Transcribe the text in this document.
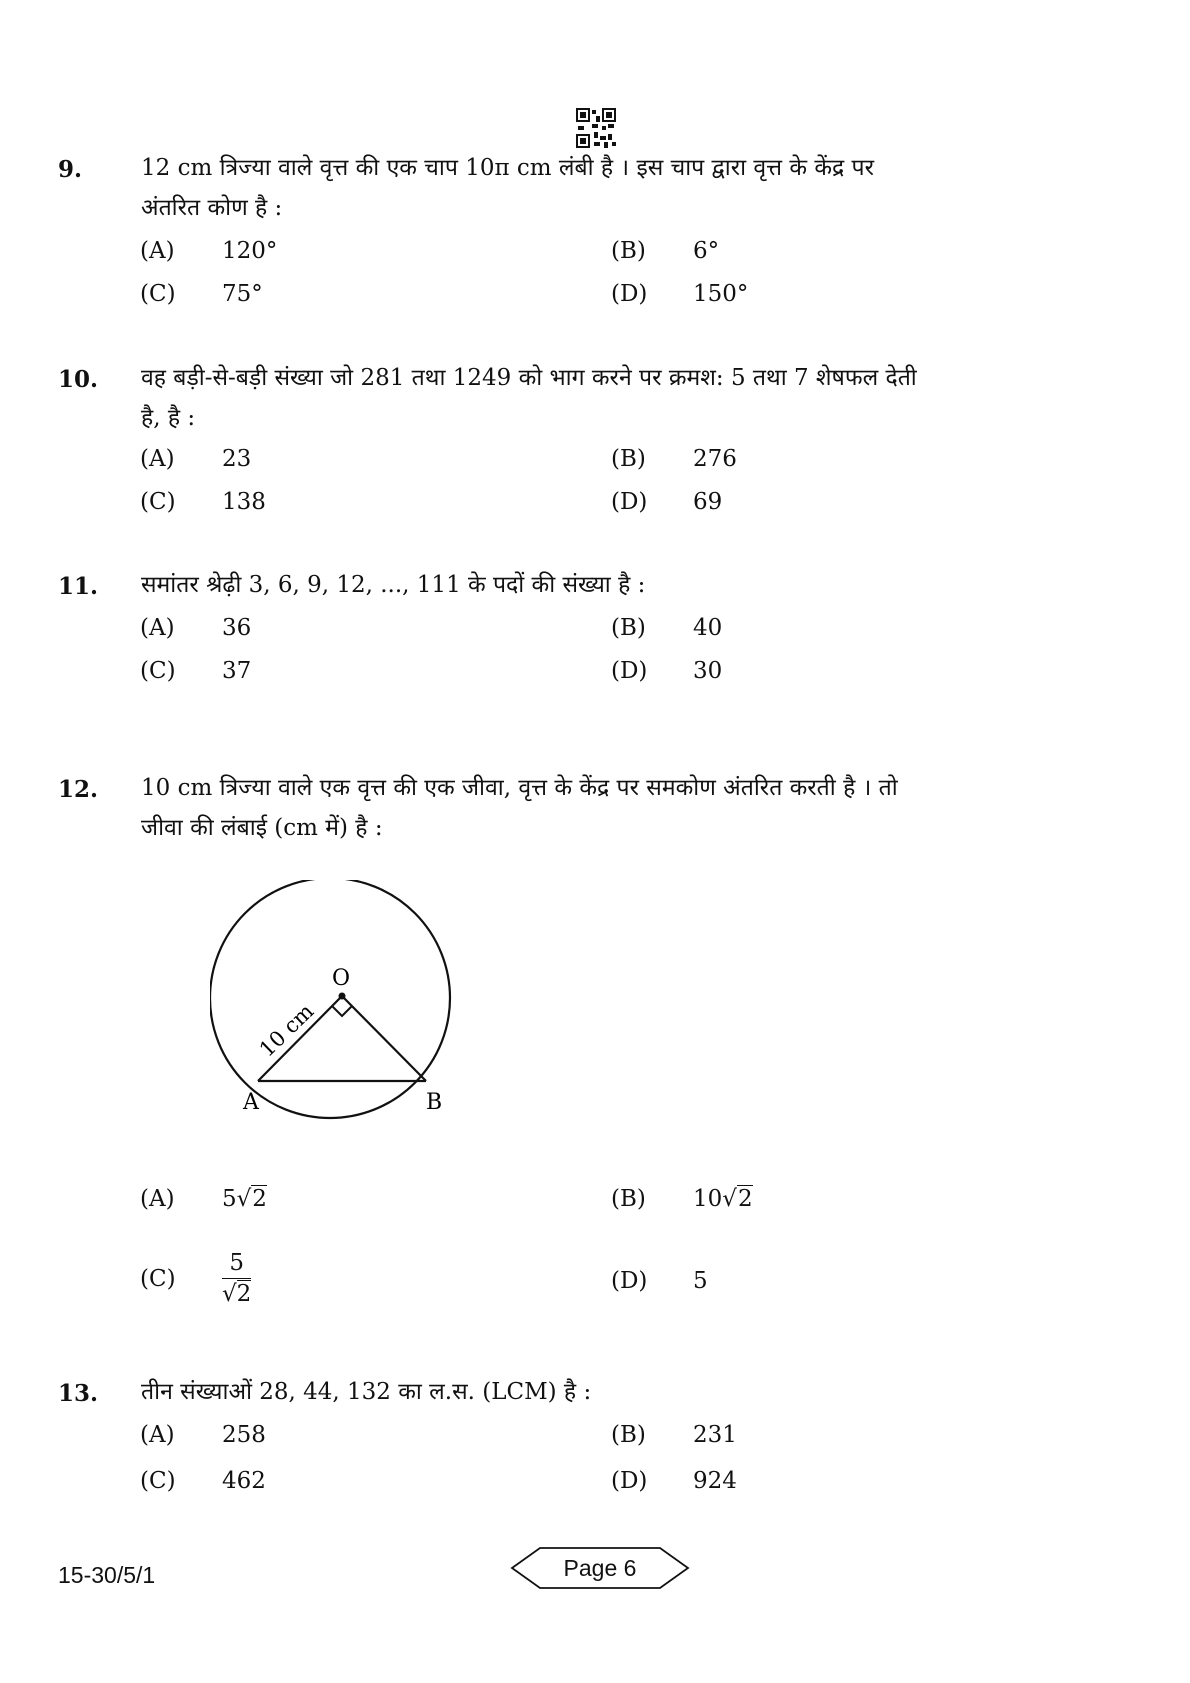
9.	12 cm त्रिज्या वाले वृत्त की एक चाप 10π cm लंबी है । इस चाप द्वारा वृत्त के केंद्र पर
अंतरित कोण है :
(A) 120°	(B) 6°
(C) 75°	(D) 150°
10. वह बड़ी-से-बड़ी संख्या जो 281 तथा 1249 को भाग करने पर क्रमश: 5 तथा 7 शेषफल देती
है, है :
(A) 23	(B) 276
(C) 138	(D) 69
11. समांतर श्रेढ़ी 3, 6, 9, 12, ..., 111 के पदों की संख्या है :
(A) 36	(B) 40
(C) 37	(D) 30
12. 10 cm त्रिज्या वाले एक वृत्त की एक जीवा, वृत्त के केंद्र पर समकोण अंतरित करती है । तो
जीवा की लंबाई (cm में) है :
O
A	B
10 cm
(A) 5√2	(B) 10√2
$(C) \frac{5}{√2}$	(D) 5
13. तीन संख्याओं 28, 44, 132 का ल.स. (LCM) है :
(A) 258	(B) 231
(C) 462	(D) 924
15-30/5/1	Page 6
